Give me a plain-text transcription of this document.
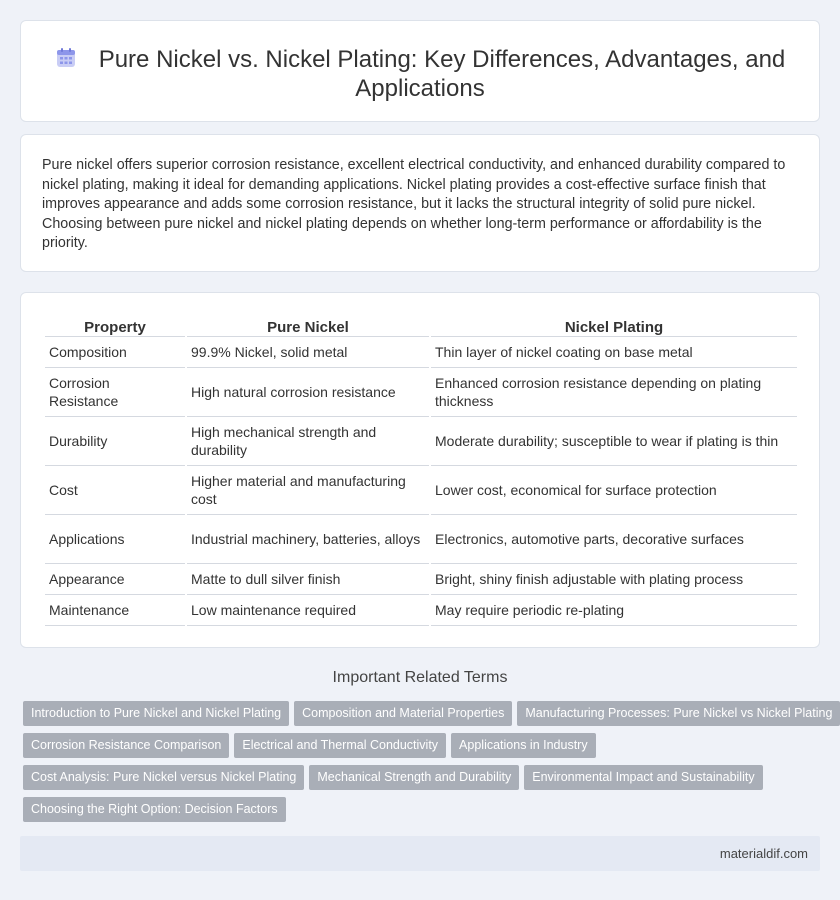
Pure Nickel vs. Nickel Plating: Key Differences, Advantages, and Applications

Pure nickel offers superior corrosion resistance, excellent electrical conductivity, and enhanced durability compared to nickel plating, making it ideal for demanding applications. Nickel plating provides a cost-effective surface finish that improves appearance and adds some corrosion resistance, but it lacks the structural integrity of solid pure nickel. Choosing between pure nickel and nickel plating depends on whether long-term performance or affordability is the priority.

Property	Pure Nickel	Nickel Plating
Composition	99.9% Nickel, solid metal	Thin layer of nickel coating on base metal
Corrosion Resistance	High natural corrosion resistance	Enhanced corrosion resistance depending on plating thickness
Durability	High mechanical strength and durability	Moderate durability; susceptible to wear if plating is thin
Cost	Higher material and manufacturing cost	Lower cost, economical for surface protection
Applications	Industrial machinery, batteries, alloys	Electronics, automotive parts, decorative surfaces
Appearance	Matte to dull silver finish	Bright, shiny finish adjustable with plating process
Maintenance	Low maintenance required	May require periodic re-plating
Important Related Terms
Introduction to Pure Nickel and Nickel Plating Composition and Material Properties Manufacturing Processes: Pure Nickel vs Nickel Plating
Corrosion Resistance Comparison Electrical and Thermal Conductivity Applications in Industry
Cost Analysis: Pure Nickel versus Nickel Plating Mechanical Strength and Durability Environmental Impact and Sustainability
Choosing the Right Option: Decision Factors
materialdif.com
